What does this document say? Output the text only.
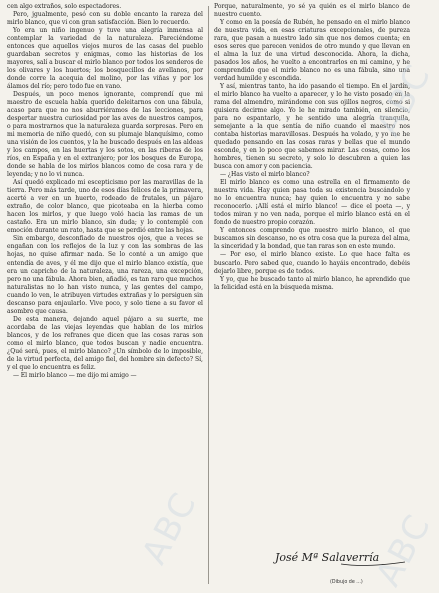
cen algo extraños, solo espectadores.

Pero, jgualmente, pesó con su doble encanto la rareza del mirlo blanco, que vi con gran satisfacción. Bien lo recuerdo.

Yo era un niño ingenuo y tuve una alegría inmensa al contemplar la variedad de la naturaleza. Pareciéndome entonces que aquellos viejos muros de las casas del pueblo guardaban secretos y enigmas, como las historias de los mayores, salí a buscar el mirlo blanco por todos los senderos de los olivares y los huertos; los bosquecillos de avellanos, por donde corre la acequia del molino, por las viñas y por los álamos del río; pero todo fue en vano.

Después, un poco menos ignorante, comprendí que mi maestro de escuela había querido deleitarnos con una fábula, acaso para que no nos aburriéramos de las lecciones, para despertar nuestra curiosidad por las aves de nuestros campos, o para mostrarnos que la naturaleza guarda sorpresas. Pero en mi memoria de niño quedó, con su plumaje blanquísimo, como una visión de los cuentos, y la he buscado después en las aldeas y los campos, en las huertas y los sotos, en las riberas de los ríos, en España y en el extranjero; por los bosques de Europa, donde se habla de los mirlos blancos como de cosa rara y de leyenda; y no lo vi nunca.

Así quedó explicado mi escepticismo por las maravillas de la tierra. Pero más tarde, uno de esos días felices de la primavera, acerté a ver en un huerto, rodeado de frutales, un pájaro extraño, de color blanco, que picoteaba en la hierba como hacen los mirlos, y que luego voló hacia las ramas de un castaño. Era un mirlo blanco, sin duda; y lo contemplé con emoción durante un rato, hasta que se perdió entre las hojas.

Sin embargo, desconfiado de nuestros ojos, que a veces se engañan con los reflejos de la luz y con las sombras de las hojas, no quise afirmar nada. Se lo conté a un amigo que entendía de aves, y él me dijo que el mirlo blanco existía, que era un capricho de la naturaleza, una rareza, una excepción, pero no una fábula. Ahora bien, añadió, es tan raro que muchos naturalistas no lo han visto nunca, y las gentes del campo, cuando lo ven, le atribuyen virtudes extrañas y lo persiguen sin descanso para enjaularlo. Vive poco, y solo tiene a su favor el asombro que causa.

De esta manera, dejando aquel pájaro a su suerte, me acordaba de las viejas leyendas que hablan de los mirlos blancos, y de los refranes que dicen que las cosas raras son como el mirlo blanco, que todos buscan y nadie encuentra. ¿Qué será, pues, el mirlo blanco? ¿Un símbolo de lo imposible, de la virtud perfecta, del amigo fiel, del hombre sin defecto? Sí, y el que lo encuentra es feliz.

— El mirlo blanco — me dijo mi amigo —

Porque, naturalmente, yo sé ya quién es el mirlo blanco de nuestro cuento.

Y como en la poesía de Rubén, he pensado en el mirlo blanco de nuestra vida, en esas criaturas excepcionales, de pureza rara, que pasan a nuestro lado sin que nos demos cuenta; en esos seres que parecen venidos de otro mundo y que llevan en el alma la luz de una virtud desconocida. Ahora, la dicha, pasados los años, he vuelto a encontrarlos en mi camino, y he comprendido que el mirlo blanco no es una fábula, sino una verdad humilde y escondida.

Y así, mientras tanto, ha ido pasando el tiempo. En el jardín, el mirlo blanco ha vuelto a aparecer, y lo he visto posado en la rama del almendro, mirándome con sus ojillos negros, como si quisiera decirme algo. Yo le he mirado también, en silencio, para no espantarlo, y he sentido una alegría tranquila, semejante a la que sentía de niño cuando el maestro nos contaba historias maravillosas. Después ha volado, y yo me he quedado pensando en las cosas raras y bellas que el mundo esconde, y en lo poco que sabemos mirar. Las cosas, como los hombres, tienen su secreto, y solo lo descubren a quien las busca con amor y con paciencia.

— ¿Has visto el mirlo blanco?

El mirlo blanco es como una estrella en el firmamento de nuestra vida. Hay quien pasa toda su existencia buscándolo y no lo encuentra nunca; hay quien lo encuentra y no sabe reconocerlo. ¡Allí está el mirlo blanco! — dice el poeta —, y todos miran y no ven nada, porque el mirlo blanco está en el fondo de nuestro propio corazón.

Y entonces comprendo que nuestro mirlo blanco, el que buscamos sin descanso, no es otra cosa que la pureza del alma, la sinceridad y la bondad, que tan raras son en este mundo.

— Por eso, el mirlo blanco existe. Lo que hace falta es buscarlo. Pero sabed que, cuando lo hayáis encontrado, debéis dejarlo libre, porque es de todos.

Y yo, que he buscado tanto al mirlo blanco, he aprendido que la felicidad está en la búsqueda misma.

José Mª Salaverría
(Dibujo de ...)
ABC
ABC	ABC
